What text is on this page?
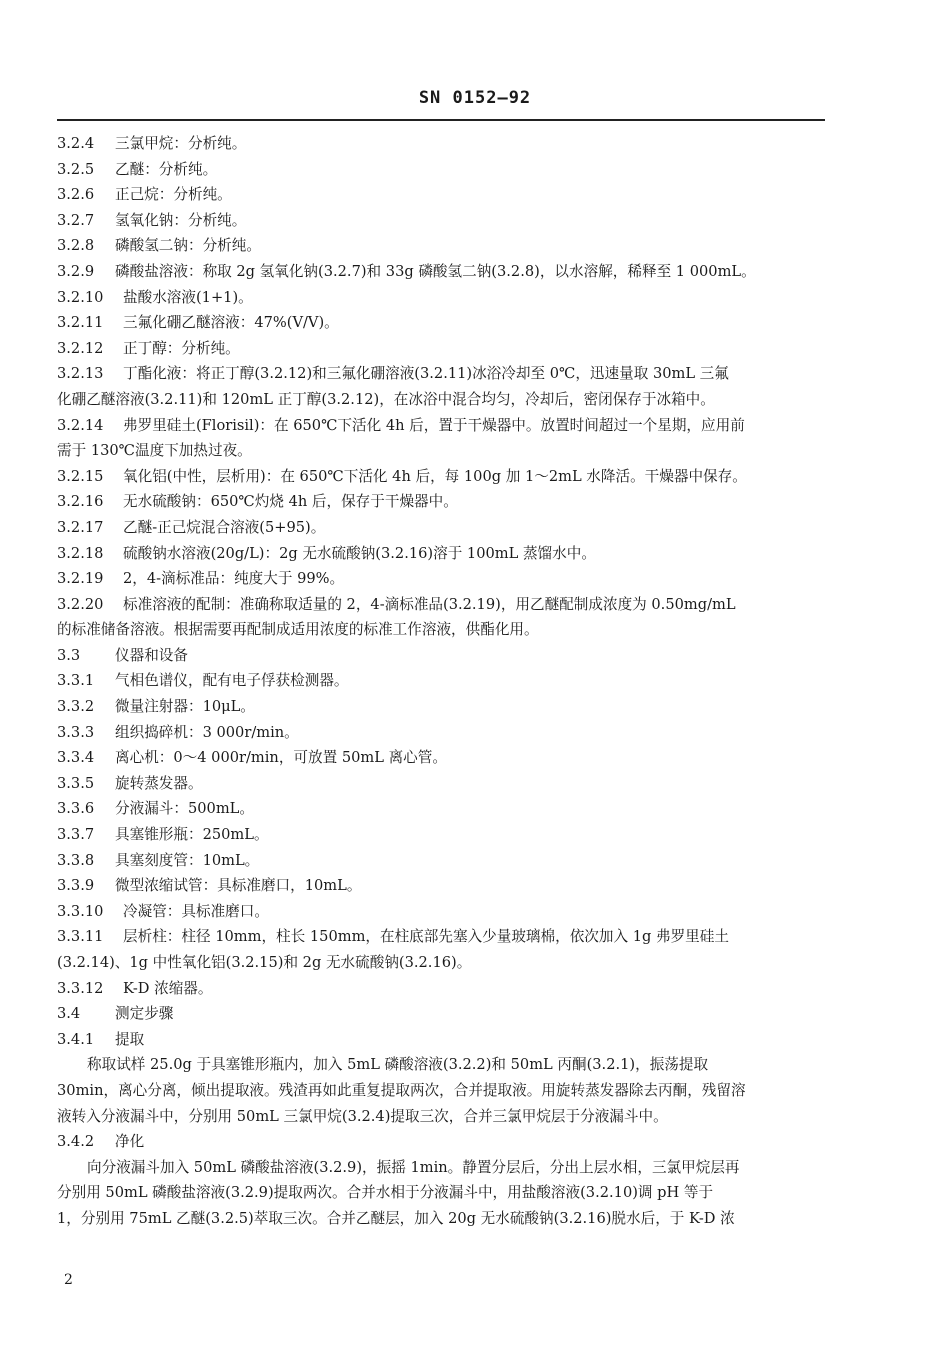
SN 0152—92
3.2.4 三氯甲烷：分析纯。
3.2.5 乙醚：分析纯。
3.2.6 正己烷：分析纯。
3.2.7 氢氧化钠：分析纯。
3.2.8 磷酸氢二钠：分析纯。
3.2.9 磷酸盐溶液：称取 2g 氢氧化钠(3.2.7)和 33g 磷酸氢二钠(3.2.8)，以水溶解，稀释至 1 000mL。
3.2.10 盐酸水溶液(1+1)。
3.2.11 三氟化硼乙醚溶液：47%(V/V)。
3.2.12 正丁醇：分析纯。
3.2.13 丁酯化液：将正丁醇(3.2.12)和三氟化硼溶液(3.2.11)冰浴冷却至 0℃，迅速量取 30mL 三氟
化硼乙醚溶液(3.2.11)和 120mL 正丁醇(3.2.12)，在冰浴中混合均匀，冷却后，密闭保存于冰箱中。
3.2.14 弗罗里硅土(Florisil)：在 650℃下活化 4h 后，置于干燥器中。放置时间超过一个星期，应用前
需于 130℃温度下加热过夜。
3.2.15 氧化铝(中性，层析用)：在 650℃下活化 4h 后，每 100g 加 1～2mL 水降活。干燥器中保存。
3.2.16 无水硫酸钠：650℃灼烧 4h 后，保存于干燥器中。
3.2.17 乙醚-正己烷混合溶液(5+95)。
3.2.18 硫酸钠水溶液(20g/L)：2g 无水硫酸钠(3.2.16)溶于 100mL 蒸馏水中。
3.2.19 2，4-滴标准品：纯度大于 99%。
3.2.20 标准溶液的配制：准确称取适量的 2，4-滴标准品(3.2.19)，用乙醚配制成浓度为 0.50mg/mL
的标准储备溶液。根据需要再配制成适用浓度的标准工作溶液，供酯化用。
3.3 仪器和设备
3.3.1 气相色谱仪，配有电子俘获检测器。
3.3.2 微量注射器：10μL。
3.3.3 组织捣碎机：3 000r/min。
3.3.4 离心机：0～4 000r/min，可放置 50mL 离心管。
3.3.5 旋转蒸发器。
3.3.6 分液漏斗：500mL。
3.3.7 具塞锥形瓶：250mL。
3.3.8 具塞刻度管：10mL。
3.3.9 微型浓缩试管：具标准磨口，10mL。
3.3.10 冷凝管：具标准磨口。
3.3.11 层析柱：柱径 10mm，柱长 150mm，在柱底部先塞入少量玻璃棉，依次加入 1g 弗罗里硅土
(3.2.14)、1g 中性氧化铝(3.2.15)和 2g 无水硫酸钠(3.2.16)。
3.3.12 K-D 浓缩器。
3.4 测定步骤
3.4.1 提取
称取试样 25.0g 于具塞锥形瓶内，加入 5mL 磷酸溶液(3.2.2)和 50mL 丙酮(3.2.1)，振荡提取
30min，离心分离，倾出提取液。残渣再如此重复提取两次，合并提取液。用旋转蒸发器除去丙酮，残留溶
液转入分液漏斗中，分别用 50mL 三氯甲烷(3.2.4)提取三次，合并三氯甲烷层于分液漏斗中。
3.4.2 净化
向分液漏斗加入 50mL 磷酸盐溶液(3.2.9)，振摇 1min。静置分层后，分出上层水相，三氯甲烷层再
分别用 50mL 磷酸盐溶液(3.2.9)提取两次。合并水相于分液漏斗中，用盐酸溶液(3.2.10)调 pH 等于
1，分别用 75mL 乙醚(3.2.5)萃取三次。合并乙醚层，加入 20g 无水硫酸钠(3.2.16)脱水后，于 K-D 浓
2
